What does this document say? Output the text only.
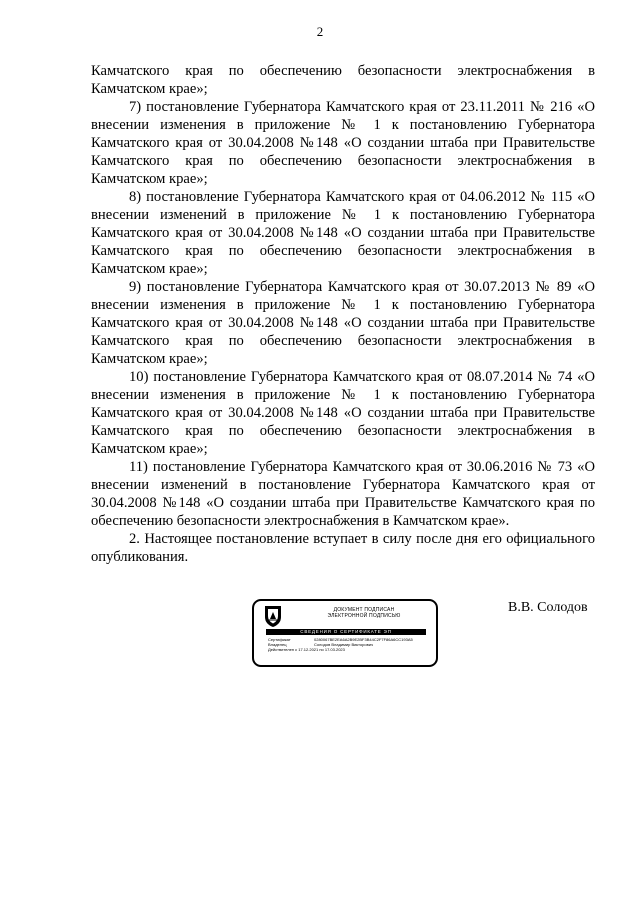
2

Камчатского края по обеспечению безопасности электроснабжения в Камчатском крае»;

7) постановление Губернатора Камчатского края от 23.11.2011 № 216 «О внесении изменения в приложение № 1 к постановлению Губернатора Камчатского края от 30.04.2008 №148 «О создании штаба при Правительстве Камчатского края по обеспечению безопасности электроснабжения в Камчатском крае»;

8) постановление Губернатора Камчатского края от 04.06.2012 № 115 «О внесении изменений в приложение № 1 к постановлению Губернатора Камчатского края от 30.04.2008 №148 «О создании штаба при Правительстве Камчатского края по обеспечению безопасности электроснабжения в Камчатском крае»;

9) постановление Губернатора Камчатского края от 30.07.2013 № 89 «О внесении изменения в приложение № 1 к постановлению Губернатора Камчатского края от 30.04.2008 №148 «О создании штаба при Правительстве Камчатского края по обеспечению безопасности электроснабжения в Камчатском крае»;

10) постановление Губернатора Камчатского края от 08.07.2014 № 74 «О внесении изменения в приложение № 1 к постановлению Губернатора Камчатского края от 30.04.2008 №148 «О создании штаба при Правительстве Камчатского края по обеспечению безопасности электроснабжения в Камчатском крае»;

11) постановление Губернатора Камчатского края от 30.06.2016 № 73 «О внесении изменений в постановление Губернатора Камчатского края от 30.04.2008 №148 «О создании штаба при Правительстве Камчатского края по обеспечению безопасности электроснабжения в Камчатском крае».

2. Настоящее постановление вступает в силу после дня его официального опубликования.

ДОКУМЕНТ ПОДПИСАН
ЭЛЕКТРОННОЙ ПОДПИСЬЮ
СВЕДЕНИЯ О СЕРТИФИКАТЕ ЭП
Сертификат	0280067BE2EA6A2B9E2BF3B44C2F7F86A6CC193A5
Владелец	Солодов Владимир Викторович
Действителен с 17.12.2021 по 17.03.2023
В.В. Солодов
